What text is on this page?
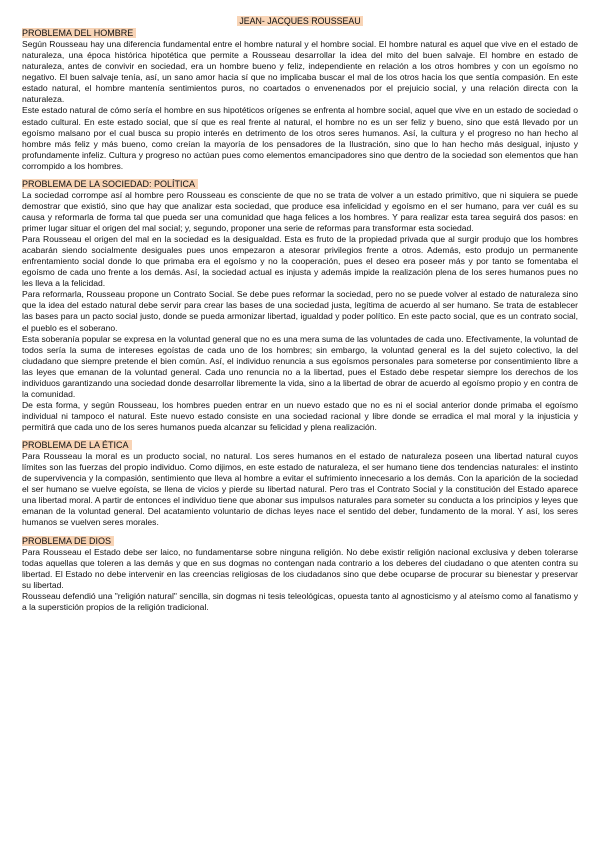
JEAN- JACQUES ROUSSEAU
PROBLEMA DEL HOMBRE

Según Rousseau hay una diferencia fundamental entre el hombre natural y el hombre social. El hombre natural es aquel que vive en el estado de naturaleza, una época histórica hipotética que permite a Rousseau desarrollar la idea del mito del buen salvaje. El hombre en estado de naturaleza, antes de convivir en sociedad, era un hombre bueno y feliz, independiente en relación a los otros hombres y con un egoísmo no negativo. El buen salvaje tenía, así, un sano amor hacia sí que no implicaba buscar el mal de los otros hacia los que sentía compasión. En este estado natural, el hombre mantenía sentimientos puros, no coartados o envenenados por el prejuicio social, y una relación directa con la naturaleza.

Este estado natural de cómo sería el hombre en sus hipotéticos orígenes se enfrenta al hombre social, aquel que vive en un estado de sociedad o estado cultural. En este estado social, que sí que es real frente al natural, el hombre no es un ser feliz y bueno, sino que está llevado por un egoísmo malsano por el cual busca su propio interés en detrimento de los otros seres humanos. Así, la cultura y el progreso no han hecho al hombre más feliz y más bueno, como creían la mayoría de los pensadores de la Ilustración, sino que lo han hecho más desigual, injusto y profundamente infeliz. Cultura y progreso no actúan pues como elementos emancipadores sino que dentro de la sociedad son elementos que han corrompido a los hombres.

PROBLEMA DE LA SOCIEDAD: POLÍTICA

La sociedad corrompe así al hombre pero Rousseau es consciente de que no se trata de volver a un estado primitivo, que ni siquiera se puede demostrar que existió, sino que hay que analizar esta sociedad, que produce esa infelicidad y egoísmo en el ser humano, para ver cuál es su causa y reformarla de forma tal que pueda ser una comunidad que haga felices a los hombres. Y para realizar esta tarea seguirá dos pasos: en primer lugar situar el origen del mal social; y, segundo, proponer una serie de reformas para transformar esta sociedad.

Para Rousseau el origen del mal en la sociedad es la desigualdad. Esta es fruto de la propiedad privada que al surgir produjo que los hombres acabarán siendo socialmente desiguales pues unos empezaron a atesorar privilegios frente a otros. Además, esto produjo un permanente enfrentamiento social donde lo que primaba era el egoísmo y no la cooperación, pues el deseo era poseer más y por tanto se fomentaba el egoísmo de cada uno frente a los demás. Así, la sociedad actual es injusta y además impide la realización plena de los seres humanos pues no les lleva a la felicidad.

Para reformarla, Rousseau propone un Contrato Social. Se debe pues reformar la sociedad, pero no se puede volver al estado de naturaleza sino que la idea del estado natural debe servir para crear las bases de una sociedad justa, legítima de acuerdo al ser humano. Se trata de establecer las bases para un pacto social justo, donde se pueda armonizar libertad, igualdad y poder político. En este pacto social, que es un contrato social, el pueblo es el soberano.

Esta soberanía popular se expresa en la voluntad general que no es una mera suma de las voluntades de cada uno. Efectivamente, la voluntad de todos sería la suma de intereses egoístas de cada uno de los hombres; sin embargo, la voluntad general es la del sujeto colectivo, la del ciudadano que siempre pretende el bien común. Así, el individuo renuncia a sus egoísmos personales para someterse por consentimiento libre a las leyes que emanan de la voluntad general. Cada uno renuncia no a la libertad, pues el Estado debe respetar siempre los derechos de los individuos garantizando una sociedad donde desarrollar libremente la vida, sino a la libertad de obrar de acuerdo al egoísmo propio y en contra de la comunidad.

De esta forma, y según Rousseau, los hombres pueden entrar en un nuevo estado que no es ni el social anterior donde primaba el egoísmo individual ni tampoco el natural. Este nuevo estado consiste en una sociedad racional y libre donde se erradica el mal moral y la injusticia y permitirá que cada uno de los seres humanos pueda alcanzar su felicidad y plena realización.

PROBLEMA DE LA ÉTICA

Para Rousseau la moral es un producto social, no natural. Los seres humanos en el estado de naturaleza poseen una libertad natural cuyos límites son las fuerzas del propio individuo. Como dijimos, en este estado de naturaleza, el ser humano tiene dos tendencias naturales: el instinto de supervivencia y la compasión, sentimiento que lleva al hombre a evitar el sufrimiento innecesario a los demás. Con la aparición de la sociedad el ser humano se vuelve egoísta, se llena de vicios y pierde su libertad natural. Pero tras el Contrato Social y la constitución del Estado aparece una libertad moral. A partir de entonces el individuo tiene que abonar sus impulsos naturales para someter su conducta a los principios y leyes que emanan de la voluntad general. Del acatamiento voluntario de dichas leyes nace el sentido del deber, fundamento de la moral. Y así, los seres humanos se vuelven seres morales.

PROBLEMA DE DIOS

Para Rousseau el Estado debe ser laico, no fundamentarse sobre ninguna religión. No debe existir religión nacional exclusiva y deben tolerarse todas aquellas que toleren a las demás y que en sus dogmas no contengan nada contrario a los deberes del ciudadano o que atenten contra su libertad. El Estado no debe intervenir en las creencias religiosas de los ciudadanos sino que debe ocuparse de procurar su bienestar y preservar su libertad.

Rousseau defendió una "religión natural" sencilla, sin dogmas ni tesis teleológicas, opuesta tanto al agnosticismo y al ateísmo como al fanatismo y a la superstición propios de la religión tradicional.
